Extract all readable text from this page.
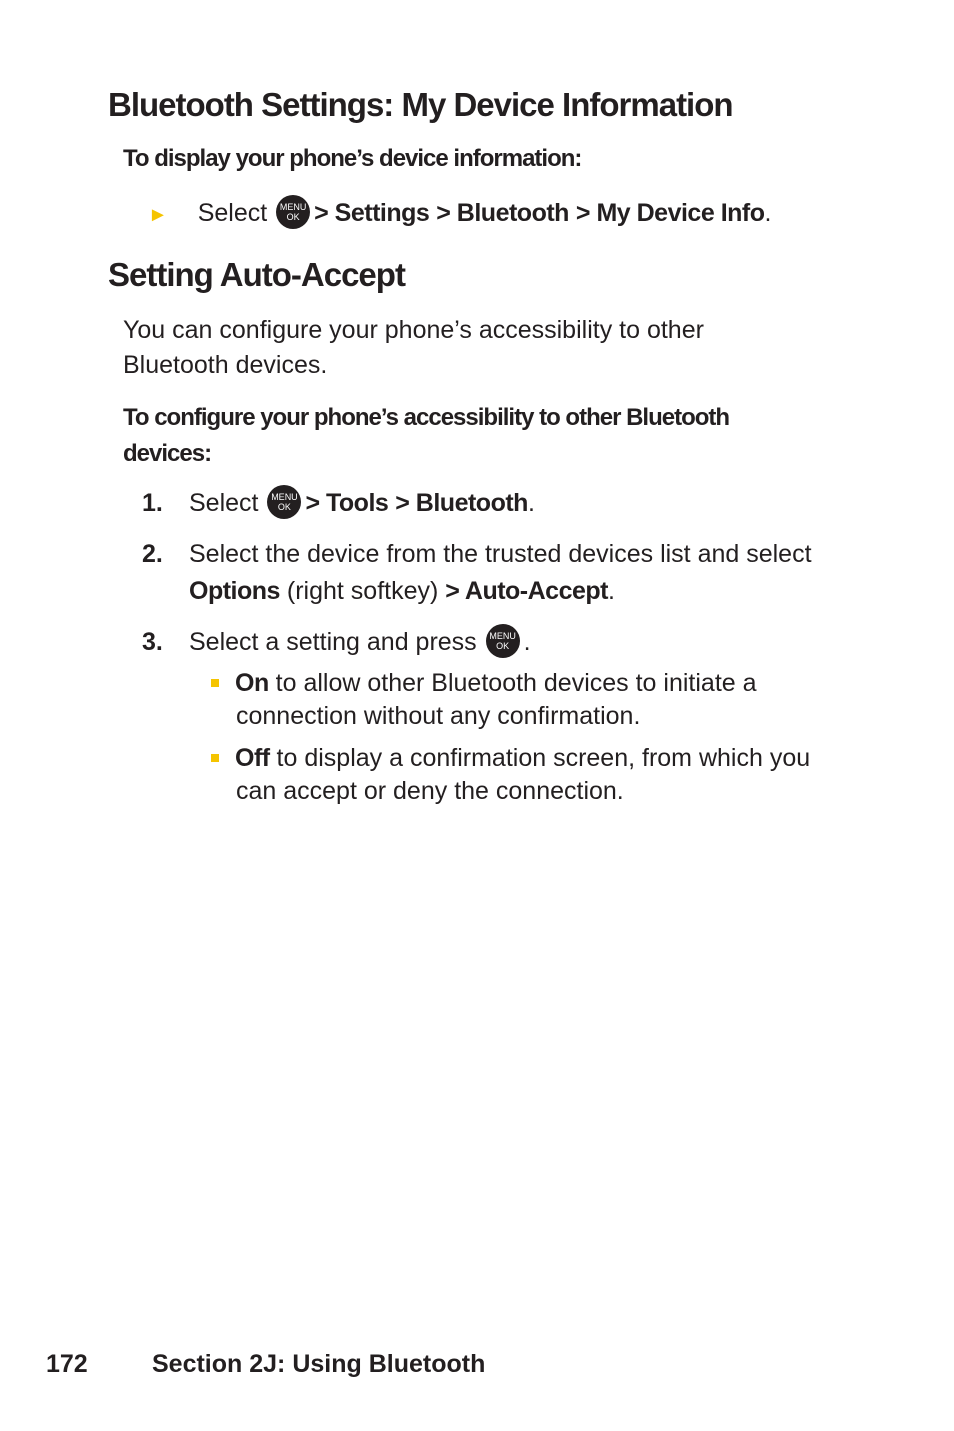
Bluetooth Settings: My Device Information
To display your phone’s device information:
► Select	MENU
OK > Settings > Bluetooth > My Device Info.
Setting Auto-Accept
You can configure your phone’s accessibility to other
Bluetooth devices.
To configure your phone’s accessibility to other Bluetooth
devices:
1. Select	MENU
OK > Tools > Bluetooth.
2. Select the device from the trusted devices list and select
Options (right softkey) > Auto-Accept.
3. Select a setting and press	MENU
OK .
On to allow other Bluetooth devices to initiate a
connection without any confirmation.
Off to display a confirmation screen, from which you
can accept or deny the connection.
172	Section 2J: Using Bluetooth
